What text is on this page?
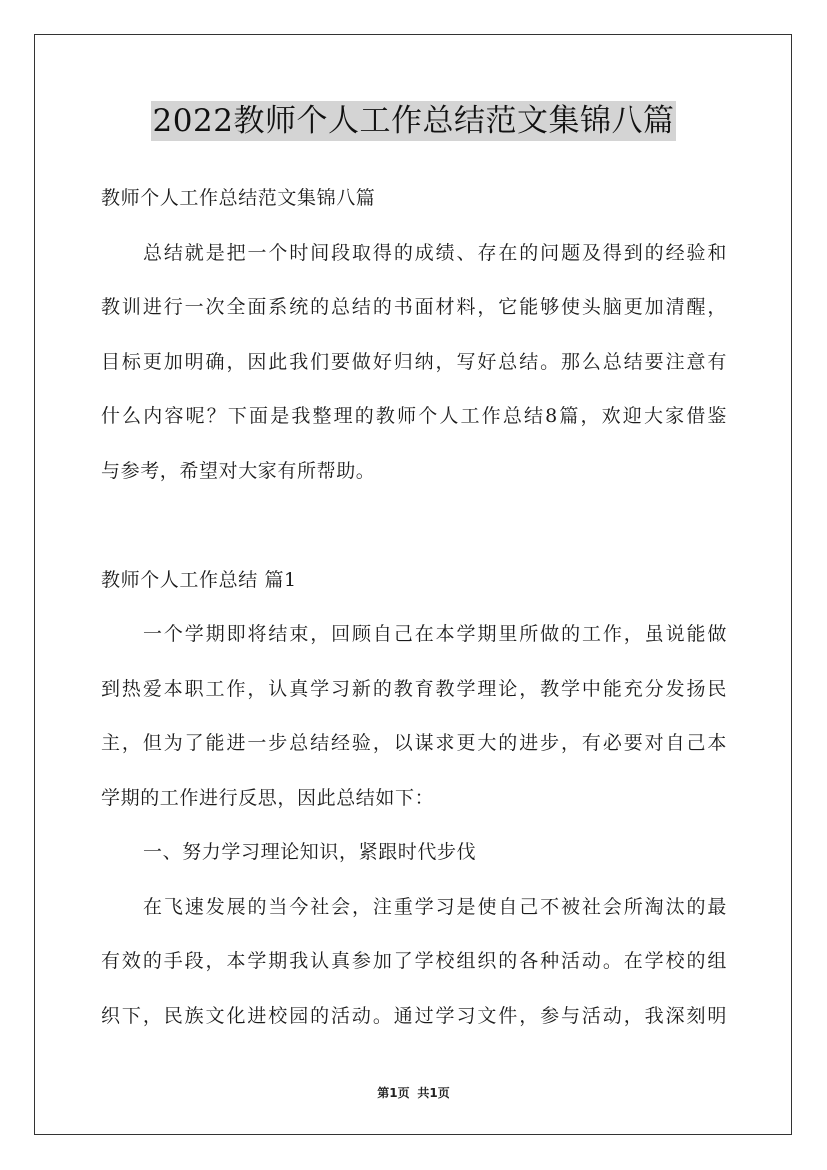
2022教师个人工作总结范文集锦八篇
教师个人工作总结范文集锦八篇
总结就是把一个时间段取得的成绩、存在的问题及得到的经验和
教训进行一次全面系统的总结的书面材料，它能够使头脑更加清醒，
目标更加明确，因此我们要做好归纳，写好总结。那么总结要注意有
什么内容呢？下面是我整理的教师个人工作总结8篇，欢迎大家借鉴
与参考，希望对大家有所帮助。
教师个人工作总结 篇1
一个学期即将结束，回顾自己在本学期里所做的工作，虽说能做
到热爱本职工作，认真学习新的教育教学理论，教学中能充分发扬民
主，但为了能进一步总结经验，以谋求更大的进步，有必要对自己本
学期的工作进行反思，因此总结如下：
一、努力学习理论知识，紧跟时代步伐
在飞速发展的当今社会，注重学习是使自己不被社会所淘汰的最
有效的手段，本学期我认真参加了学校组织的各种活动。在学校的组
织下，民族文化进校园的活动。通过学习文件，参与活动，我深刻明
第1页 共1页
